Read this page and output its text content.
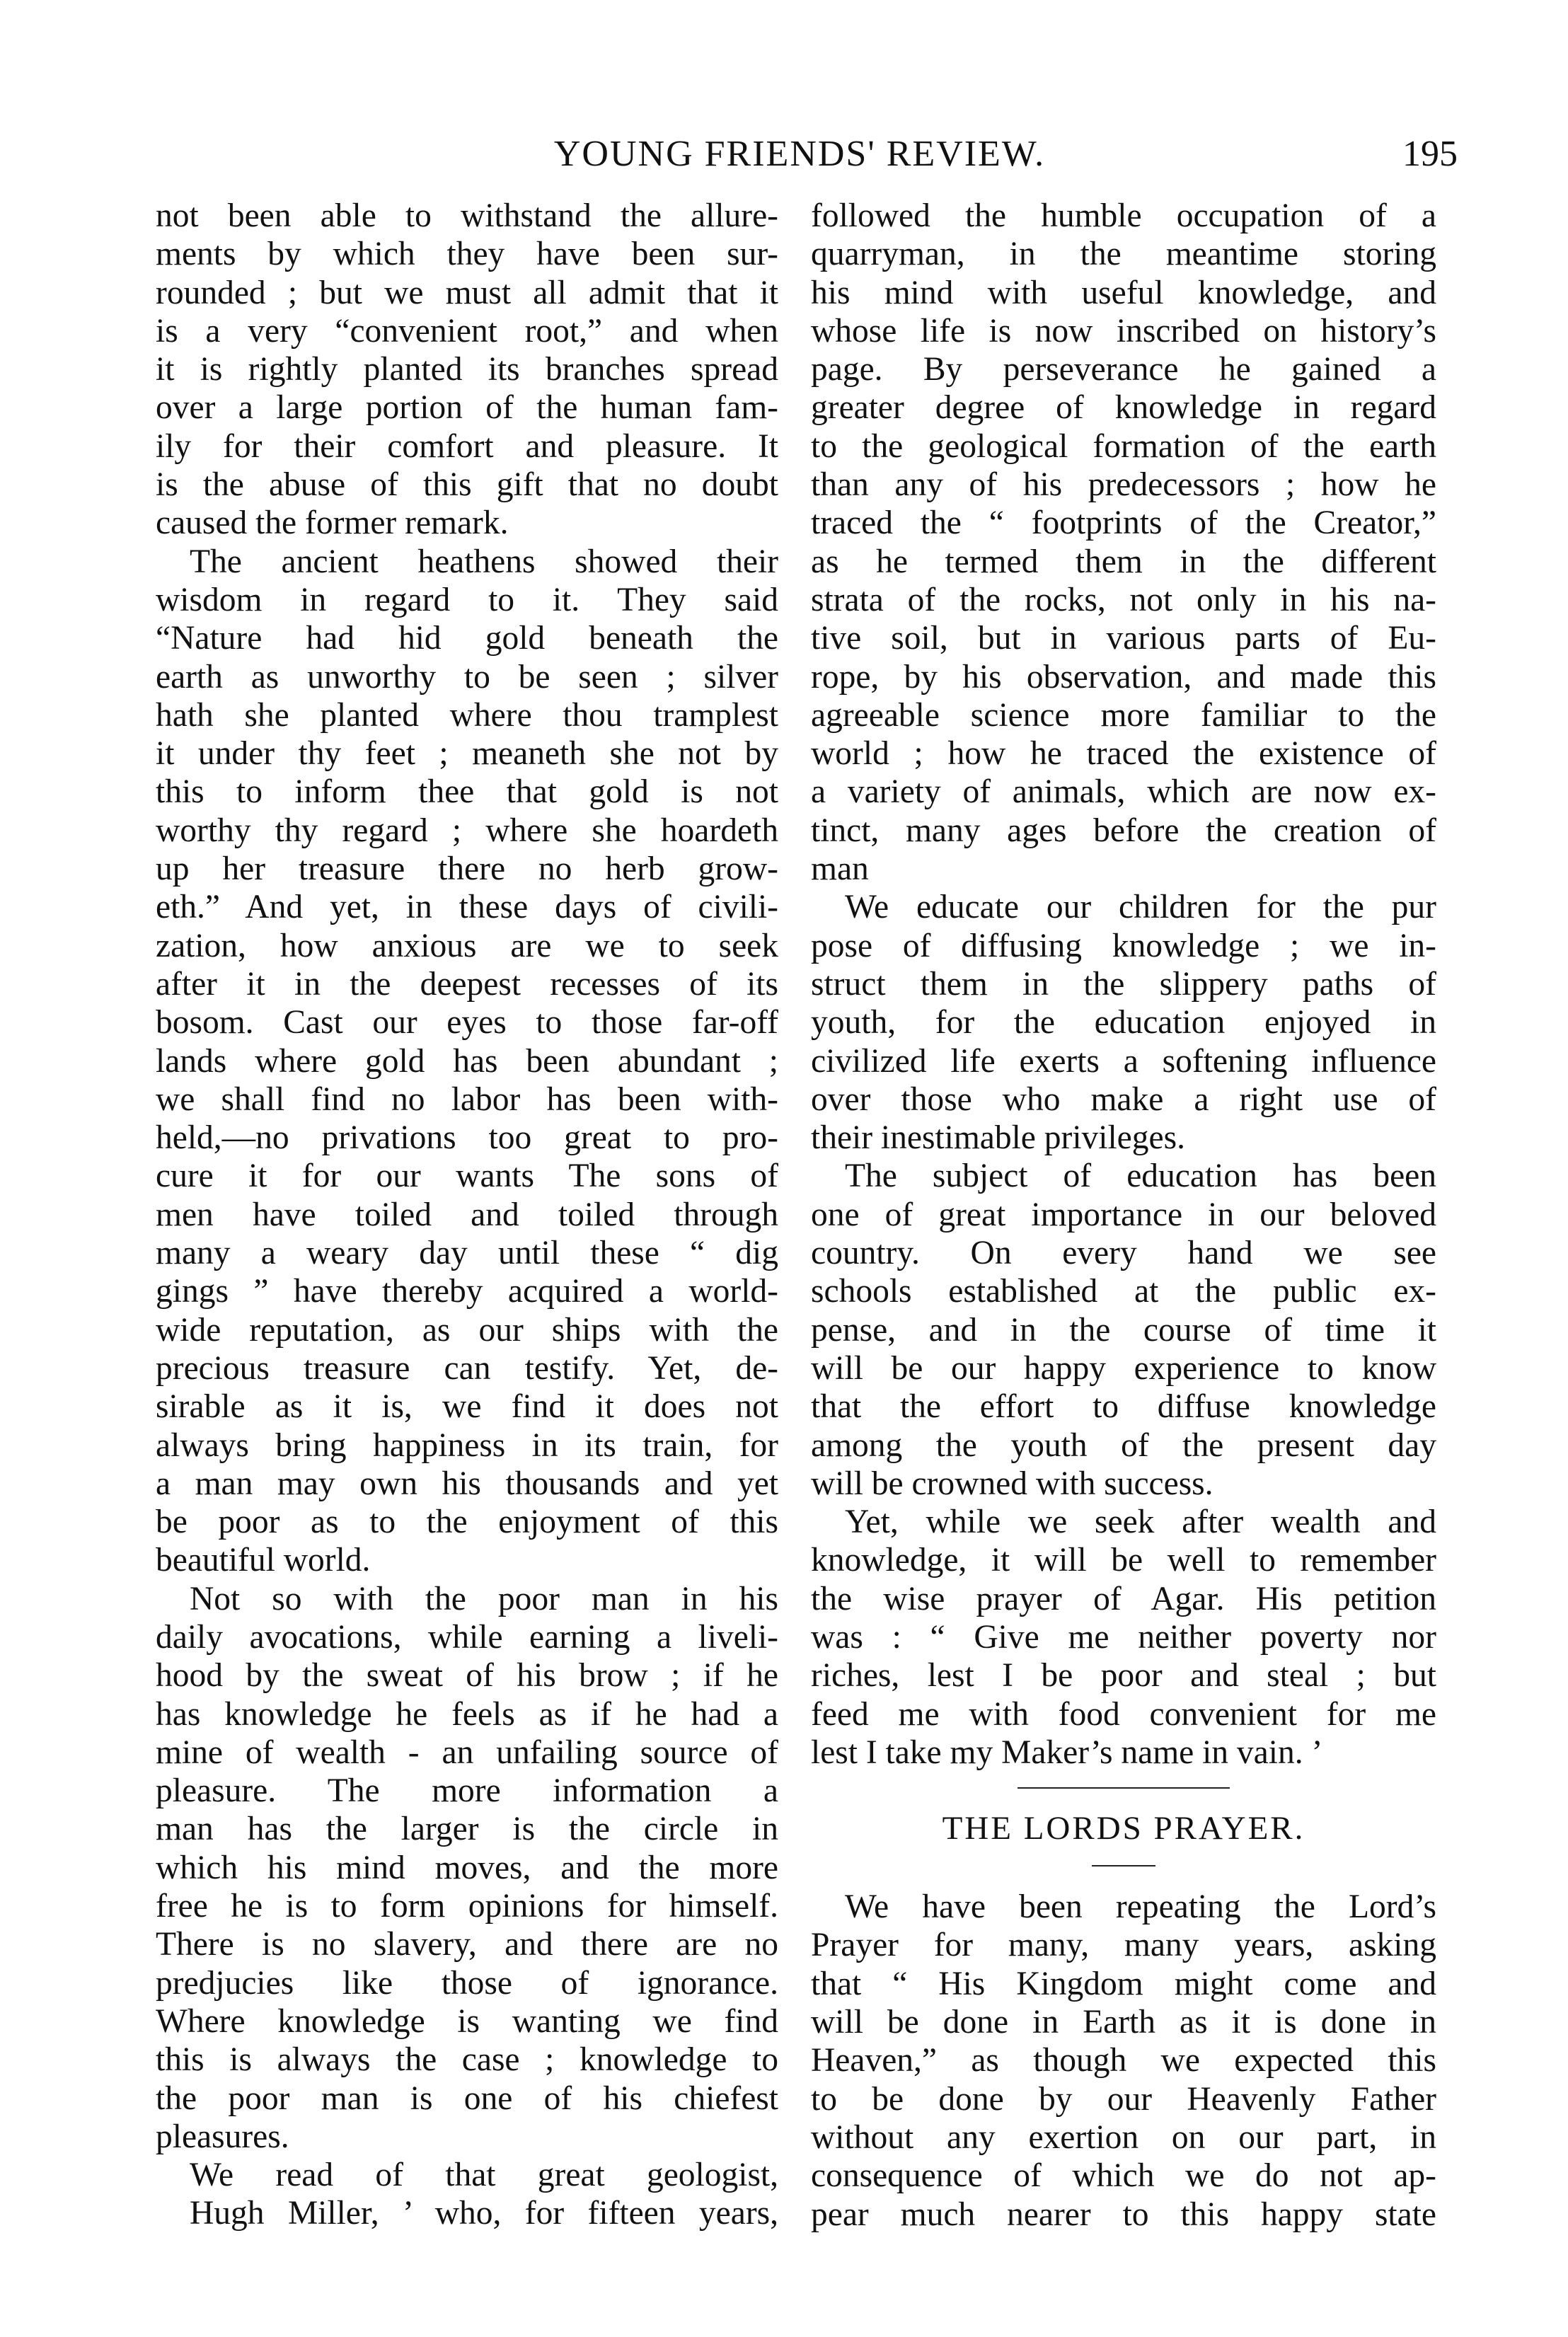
YOUNG FRIENDS' REVIEW.	195
not been able to withstand the allure-
ments by which they have been sur-
rounded ; but we must all admit that it
is a very “convenient root,” and when
it is rightly planted its branches spread
over a large portion of the human fam-
ily for their comfort and pleasure. It
is the abuse of this gift that no doubt
caused the former remark.
The ancient heathens showed their
wisdom in regard to it. They said
“Nature had hid gold beneath the
earth as unworthy to be seen ; silver
hath she planted where thou tramplest
it under thy feet ; meaneth she not by
this to inform thee that gold is not
worthy thy regard ; where she hoardeth
up her treasure there no herb grow-
eth.” And yet, in these days of civili-
zation, how anxious are we to seek
after it in the deepest recesses of its
bosom. Cast our eyes to those far-off
lands where gold has been abundant ;
we shall find no labor has been with-
held,—no privations too great to pro-
cure it for our wants The sons of
men have toiled and toiled through
many a weary day until these “ dig
gings ” have thereby acquired a world-
wide reputation, as our ships with the
precious treasure can testify. Yet, de-
sirable as it is, we find it does not
always bring happiness in its train, for
a man may own his thousands and yet
be poor as to the enjoyment of this
beautiful world.
Not so with the poor man in his
daily avocations, while earning a liveli-
hood by the sweat of his brow ; if he
has knowledge he feels as if he had a
mine of wealth - an unfailing source of
pleasure. The more information a
man has the larger is the circle in
which his mind moves, and the more
free he is to form opinions for himself.
There is no slavery, and there are no
predjucies like those of ignorance.
Where knowledge is wanting we find
this is always the case ; knowledge to
the poor man is one of his chiefest
pleasures.
We read of that great geologist,
Hugh Miller, ’ who, for fifteen years,
followed the humble occupation of a
quarryman, in the meantime storing
his mind with useful knowledge, and
whose life is now inscribed on history’s
page. By perseverance he gained a
greater degree of knowledge in regard
to the geological formation of the earth
than any of his predecessors ; how he
traced the “ footprints of the Creator,”
as he termed them in the different
strata of the rocks, not only in his na-
tive soil, but in various parts of Eu-
rope, by his observation, and made this
agreeable science more familiar to the
world ; how he traced the existence of
a variety of animals, which are now ex-
tinct, many ages before the creation of
man
We educate our children for the pur
pose of diffusing knowledge ; we in-
struct them in the slippery paths of
youth, for the education enjoyed in
civilized life exerts a softening influence
over those who make a right use of
their inestimable privileges.
The subject of education has been
one of great importance in our beloved
country. On every hand we see
schools established at the public ex-
pense, and in the course of time it
will be our happy experience to know
that the effort to diffuse knowledge
among the youth of the present day
will be crowned with success.
Yet, while we seek after wealth and
knowledge, it will be well to remember
the wise prayer of Agar. His petition
was : “ Give me neither poverty nor
riches, lest I be poor and steal ; but
feed me with food convenient for me
lest I take my Maker’s name in vain. ’
THE LORDS PRAYER.
We have been repeating the Lord’s
Prayer for many, many years, asking
that “ His Kingdom might come and
will be done in Earth as it is done in
Heaven,” as though we expected this
to be done by our Heavenly Father
without any exertion on our part, in
consequence of which we do not ap-
pear much nearer to this happy state
